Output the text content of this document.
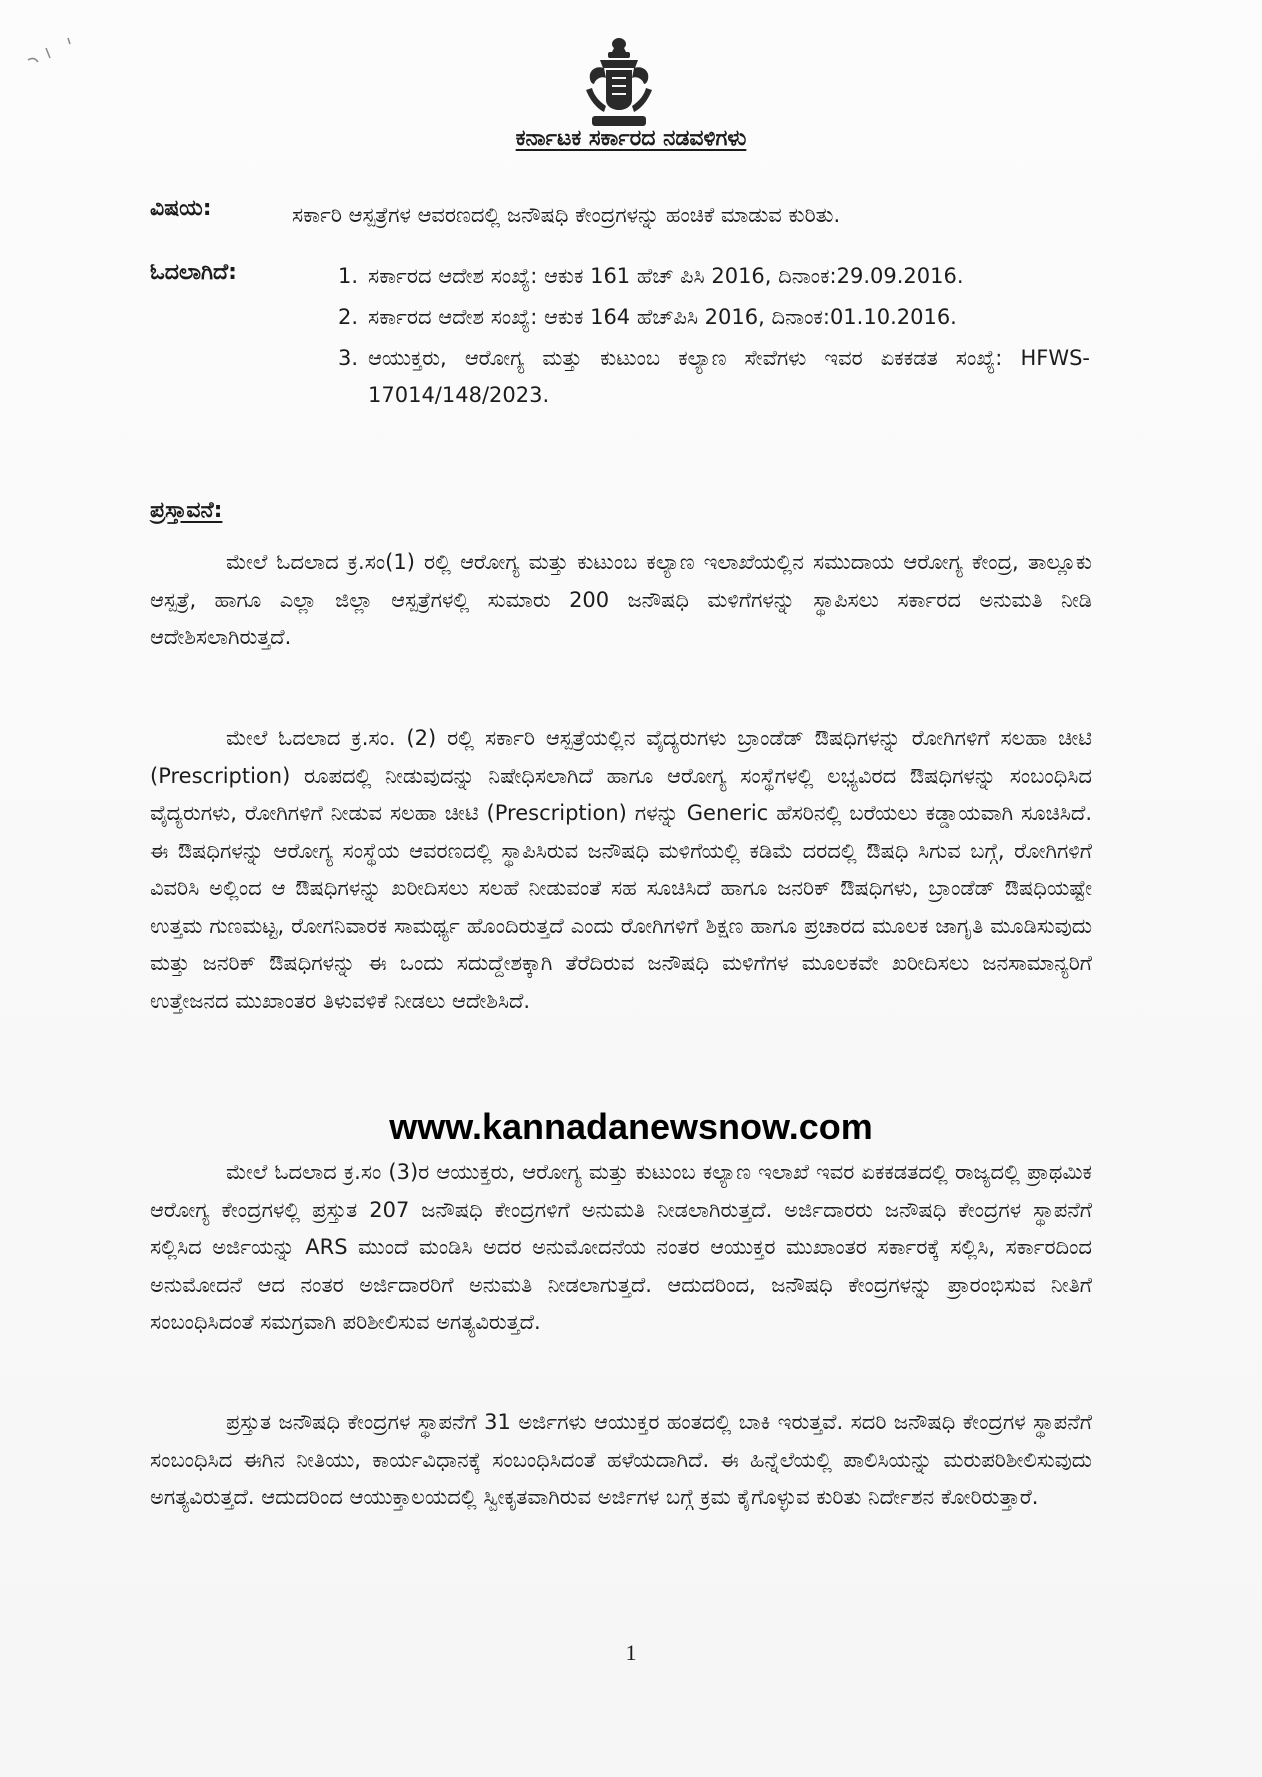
ಕರ್ನಾಟಕ ಸರ್ಕಾರದ ನಡವಳಿಗಳು
ವಿಷಯ:	ಸರ್ಕಾರಿ ಆಸ್ಪತ್ರೆಗಳ ಆವರಣದಲ್ಲಿ ಜನೌಷಧಿ ಕೇಂದ್ರಗಳನ್ನು ಹಂಚಿಕೆ ಮಾಡುವ ಕುರಿತು.
ಓದಲಾಗಿದೆ:	1. ಸರ್ಕಾರದ ಆದೇಶ ಸಂಖ್ಯೆ: ಆಕುಕ 161 ಹೆಚ್ ಪಿಸಿ 2016, ದಿನಾಂಕ:29.09.2016.
2. ಸರ್ಕಾರದ ಆದೇಶ ಸಂಖ್ಯೆ: ಆಕುಕ 164 ಹೆಚ್‌ಪಿಸಿ 2016, ದಿನಾಂಕ:01.10.2016.
3. ಆಯುಕ್ತರು, ಆರೋಗ್ಯ ಮತ್ತು ಕುಟುಂಬ ಕಲ್ಯಾಣ ಸೇವೆಗಳು ಇವರ ಏಕಕಡತ ಸಂಖ್ಯೆ: HFWS-17014/148/2023.
ಪ್ರಸ್ತಾವನೆ:

ಮೇಲೆ ಓದಲಾದ ಕ್ರ.ಸಂ(1) ರಲ್ಲಿ ಆರೋಗ್ಯ ಮತ್ತು ಕುಟುಂಬ ಕಲ್ಯಾಣ ಇಲಾಖೆಯಲ್ಲಿನ ಸಮುದಾಯ ಆರೋಗ್ಯ ಕೇಂದ್ರ, ತಾಲ್ಲೂಕು ಆಸ್ಪತ್ರೆ, ಹಾಗೂ ಎಲ್ಲಾ ಜಿಲ್ಲಾ ಆಸ್ಪತ್ರೆಗಳಲ್ಲಿ ಸುಮಾರು 200 ಜನೌಷಧಿ ಮಳಿಗೆಗಳನ್ನು ಸ್ಥಾಪಿಸಲು ಸರ್ಕಾರದ ಅನುಮತಿ ನೀಡಿ ಆದೇಶಿಸಲಾಗಿರುತ್ತದೆ.

ಮೇಲೆ ಓದಲಾದ ಕ್ರ.ಸಂ. (2) ರಲ್ಲಿ ಸರ್ಕಾರಿ ಆಸ್ಪತ್ರೆಯಲ್ಲಿನ ವೈದ್ಯರುಗಳು ಬ್ರಾಂಡೆಡ್ ಔಷಧಿಗಳನ್ನು ರೋಗಿಗಳಿಗೆ ಸಲಹಾ ಚೀಟಿ (Prescription) ರೂಪದಲ್ಲಿ ನೀಡುವುದನ್ನು ನಿಷೇಧಿಸಲಾಗಿದೆ ಹಾಗೂ ಆರೋಗ್ಯ ಸಂಸ್ಥೆಗಳಲ್ಲಿ ಲಭ್ಯವಿರದ ಔಷಧಿಗಳನ್ನು ಸಂಬಂಧಿಸಿದ ವೈದ್ಯರುಗಳು, ರೋಗಿಗಳಿಗೆ ನೀಡುವ ಸಲಹಾ ಚೀಟಿ (Prescription) ಗಳನ್ನು Generic ಹೆಸರಿನಲ್ಲಿ ಬರೆಯಲು ಕಡ್ಡಾಯವಾಗಿ ಸೂಚಿಸಿದೆ. ಈ ಔಷಧಿಗಳನ್ನು ಆರೋಗ್ಯ ಸಂಸ್ಥೆಯ ಆವರಣದಲ್ಲಿ ಸ್ಥಾಪಿಸಿರುವ ಜನೌಷಧಿ ಮಳಿಗೆಯಲ್ಲಿ ಕಡಿಮೆ ದರದಲ್ಲಿ ಔಷಧಿ ಸಿಗುವ ಬಗ್ಗೆ, ರೋಗಿಗಳಿಗೆ ವಿವರಿಸಿ ಅಲ್ಲಿಂದ ಆ ಔಷಧಿಗಳನ್ನು ಖರೀದಿಸಲು ಸಲಹೆ ನೀಡುವಂತೆ ಸಹ ಸೂಚಿಸಿದೆ ಹಾಗೂ ಜನರಿಕ್ ಔಷಧಿಗಳು, ಬ್ರಾಂಡೆಡ್ ಔಷಧಿಯಷ್ಟೇ ಉತ್ತಮ ಗುಣಮಟ್ಟ, ರೋಗನಿವಾರಕ ಸಾಮರ್ಥ್ಯ ಹೊಂದಿರುತ್ತದೆ ಎಂದು ರೋಗಿಗಳಿಗೆ ಶಿಕ್ಷಣ ಹಾಗೂ ಪ್ರಚಾರದ ಮೂಲಕ ಜಾಗೃತಿ ಮೂಡಿಸುವುದು ಮತ್ತು ಜನರಿಕ್ ಔಷಧಿಗಳನ್ನು ಈ ಒಂದು ಸದುದ್ದೇಶಕ್ಕಾಗಿ ತೆರೆದಿರುವ ಜನೌಷಧಿ ಮಳಿಗೆಗಳ ಮೂಲಕವೇ ಖರೀದಿಸಲು ಜನಸಾಮಾನ್ಯರಿಗೆ ಉತ್ತೇಜನದ ಮುಖಾಂತರ ತಿಳುವಳಿಕೆ ನೀಡಲು ಆದೇಶಿಸಿದೆ.

www.kannadanewsnow.com

ಮೇಲೆ ಓದಲಾದ ಕ್ರ.ಸಂ (3)ರ ಆಯುಕ್ತರು, ಆರೋಗ್ಯ ಮತ್ತು ಕುಟುಂಬ ಕಲ್ಯಾಣ ಇಲಾಖೆ ಇವರ ಏಕಕಡತದಲ್ಲಿ ರಾಜ್ಯದಲ್ಲಿ ಪ್ರಾಥಮಿಕ ಆರೋಗ್ಯ ಕೇಂದ್ರಗಳಲ್ಲಿ ಪ್ರಸ್ತುತ 207 ಜನೌಷಧಿ ಕೇಂದ್ರಗಳಿಗೆ ಅನುಮತಿ ನೀಡಲಾಗಿರುತ್ತದೆ. ಅರ್ಜಿದಾರರು ಜನೌಷಧಿ ಕೇಂದ್ರಗಳ ಸ್ಥಾಪನೆಗೆ ಸಲ್ಲಿಸಿದ ಅರ್ಜಿಯನ್ನು ARS ಮುಂದೆ ಮಂಡಿಸಿ ಅದರ ಅನುಮೋದನೆಯ ನಂತರ ಆಯುಕ್ತರ ಮುಖಾಂತರ ಸರ್ಕಾರಕ್ಕೆ ಸಲ್ಲಿಸಿ, ಸರ್ಕಾರದಿಂದ ಅನುಮೋದನೆ ಆದ ನಂತರ ಅರ್ಜಿದಾರರಿಗೆ ಅನುಮತಿ ನೀಡಲಾಗುತ್ತದೆ. ಆದುದರಿಂದ, ಜನೌಷಧಿ ಕೇಂದ್ರಗಳನ್ನು ಪ್ರಾರಂಭಿಸುವ ನೀತಿಗೆ ಸಂಬಂಧಿಸಿದಂತೆ ಸಮಗ್ರವಾಗಿ ಪರಿಶೀಲಿಸುವ ಅಗತ್ಯವಿರುತ್ತದೆ.

ಪ್ರಸ್ತುತ ಜನೌಷಧಿ ಕೇಂದ್ರಗಳ ಸ್ಥಾಪನೆಗೆ 31 ಅರ್ಜಿಗಳು ಆಯುಕ್ತರ ಹಂತದಲ್ಲಿ ಬಾಕಿ ಇರುತ್ತವೆ. ಸದರಿ ಜನೌಷಧಿ ಕೇಂದ್ರಗಳ ಸ್ಥಾಪನೆಗೆ ಸಂಬಂಧಿಸಿದ ಈಗಿನ ನೀತಿಯು, ಕಾರ್ಯವಿಧಾನಕ್ಕೆ ಸಂಬಂಧಿಸಿದಂತೆ ಹಳೆಯದಾಗಿದೆ. ಈ ಹಿನ್ನೆಲೆಯಲ್ಲಿ ಪಾಲಿಸಿಯನ್ನು ಮರುಪರಿಶೀಲಿಸುವುದು ಅಗತ್ಯವಿರುತ್ತದೆ. ಆದುದರಿಂದ ಆಯುಕ್ತಾಲಯದಲ್ಲಿ ಸ್ವೀಕೃತವಾಗಿರುವ ಅರ್ಜಿಗಳ ಬಗ್ಗೆ ಕ್ರಮ ಕೈಗೊಳ್ಳುವ ಕುರಿತು ನಿರ್ದೇಶನ ಕೋರಿರುತ್ತಾರೆ.

1
